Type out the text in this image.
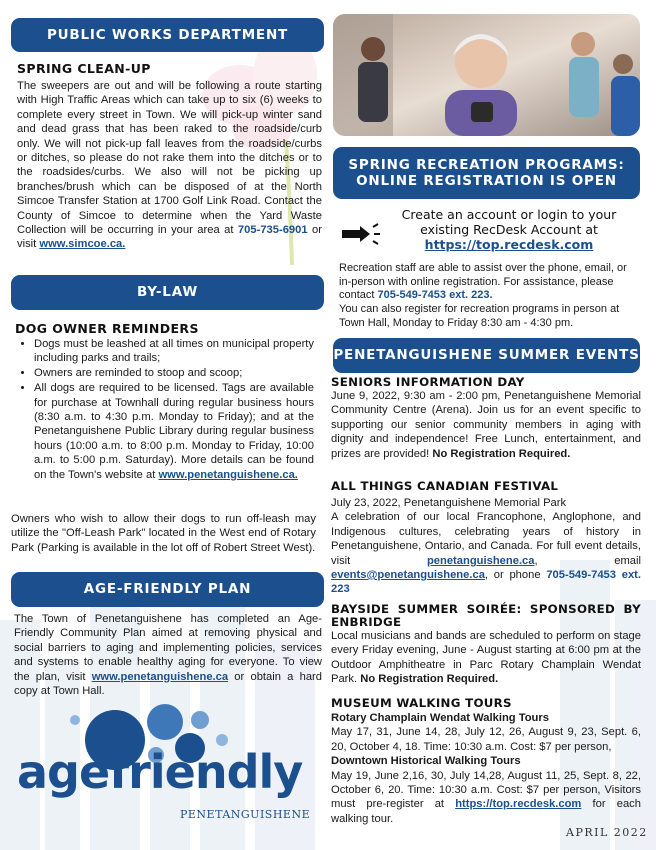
PUBLIC WORKS DEPARTMENT
SPRING CLEAN-UP
The sweepers are out and will be following a route starting with High Traffic Areas which can take up to six (6) weeks to complete every street in Town. We will pick-up winter sand and dead grass that has been raked to the roadside/curb only. We will not pick-up fall leaves from the roadside/curbs or ditches, so please do not rake them into the ditches or to the roadsides/curbs. We also will not be picking up branches/brush which can be disposed of at the North Simcoe Transfer Station at 1700 Golf Link Road. Contact the County of Simcoe to determine when the Yard Waste Collection will be occurring in your area at 705-735-6901 or visit www.simcoe.ca.
BY-LAW
DOG OWNER REMINDERS
• Dogs must be leashed at all times on municipal property including parks and trails;
• Owners are reminded to stoop and scoop;
• All dogs are required to be licensed. Tags are available for purchase at Townhall during regular business hours (8:30 a.m. to 4:30 p.m. Monday to Friday); and at the Penetanguishene Public Library during regular business hours (10:00 a.m. to 8:00 p.m. Monday to Friday, 10:00 a.m. to 5:00 p.m. Saturday). More details can be found on the Town's website at www.penetanguishene.ca.
Owners who wish to allow their dogs to run off-leash may utilize the "Off-Leash Park" located in the West end of Rotary Park (Parking is available in the lot off of Robert Street West).
AGE-FRIENDLY PLAN
The Town of Penetanguishene has completed an Age-Friendly Community Plan aimed at removing physical and social barriers to aging and implementing policies, services and systems to enable healthy aging for everyone. To view the plan, visit www.penetanguishene.ca or obtain a hard copy at Town Hall.
agefriendly
PENETANGUISHENE
SPRING RECREATION PROGRAMS:
ONLINE REGISTRATION IS OPEN
Create an account or login to your
existing RecDesk Account at
https://top.recdesk.com
Recreation staff are able to assist over the phone, email, or in-person with online registration. For assistance, please contact 705-549-7453 ext. 223.
You can also register for recreation programs in person at Town Hall, Monday to Friday 8:30 am - 4:30 pm.
PENETANGUISHENE SUMMER EVENTS
SENIORS INFORMATION DAY
June 9, 2022, 9:30 am - 2:00 pm, Penetanguishene Memorial Community Centre (Arena). Join us for an event specific to supporting our senior community members in aging with dignity and independence! Free Lunch, entertainment, and prizes are provided! No Registration Required.
ALL THINGS CANADIAN FESTIVAL
July 23, 2022, Penetanguishene Memorial Park
A celebration of our local Francophone, Anglophone, and Indigenous cultures, celebrating years of history in Penetanguishene, Ontario, and Canada. For full event details, visit penetanguishene.ca, email events@penetanguishene.ca, or phone 705-549-7453 ext. 223
BAYSIDE SUMMER SOIRÉE: SPONSORED BY ENBRIDGE
Local musicians and bands are scheduled to perform on stage every Friday evening, June - August starting at 6:00 pm at the Outdoor Amphitheatre in Parc Rotary Champlain Wendat Park. No Registration Required.
MUSEUM WALKING TOURS
Rotary Champlain Wendat Walking Tours
May 17, 31, June 14, 28, July 12, 26, August 9, 23, Sept. 6, 20, October 4, 18. Time: 10:30 a.m. Cost: $7 per person,
Downtown Historical Walking Tours
May 19, June 2,16, 30, July 14,28, August 11, 25, Sept. 8, 22, October 6, 20. Time: 10:30 a.m. Cost: $7 per person, Visitors must pre-register at https://top.recdesk.com for each walking tour.
APRIL 2022
